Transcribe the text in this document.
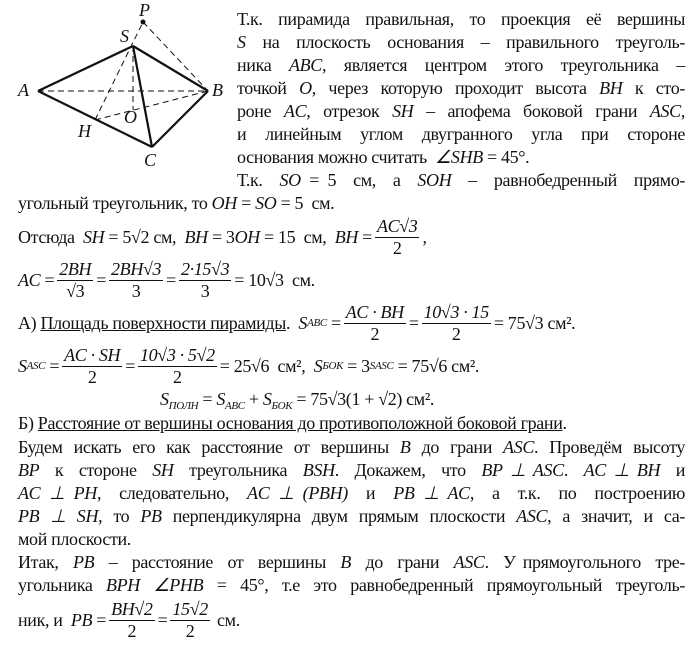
P
S
A	B
H
O
C
Т.к. пирамида правильная, то проекция её вершины
S на плоскость основания – правильного треуголь-
ника ABC, является центром этого треугольника –
точкой O, через которую проходит высота BH к сто-
роне AC, отрезок SH – апофема боковой грани ASC,
и линейным углом двугранного угла при стороне
основания можно считать  ∠SHB = 45°.
Т.к.  SO = 5  см,  а  SOH  –  равнобедренный  прямо-
угольный треугольник, то OH = SO = 5  см.
Отсюда SH = 5√2 см, BH = 3 OH = 15  см, BH = $\frac{AC√3}{2}$ ,
AC = $\frac{2BH}{√3} = \frac{2BH√3}{3} = \frac{2\cdot 15√3}{3} = 10√3$  см.
А) Площадь поверхности пирамиды . S ABC = $\frac{AC \cdot BH}{2} = \frac{10√3 \cdot 15}{2} = 75√3$ см².
S ASC = $\frac{AC \cdot SH}{2} = \frac{10√3 \cdot 5√2}{2} = 25√6$  см², S БОК = 3 SASC = 75√6 см².
$S_{ПОЛН} = S_{ABC} + S_{БОК} = 75√3(1 + √2)$ см².
Б) Расстояние от вершины основания до противоположной боковой грани.
Будем искать его как расстояние от вершины B до грани ASC. Проведём высоту
BP  к  стороне  SH  треугольника  BSH.  Докажем,  что  BP ⊥ ASC.  AC ⊥ BH  и
AC ⊥ PH,  следовательно,  AC ⊥ (PBH)  и  PB ⊥ AC,  а  т.к.  по  построению
PB ⊥ SH, то PB перпендикулярна двум прямым плоскости ASC, а значит, и са-
мой плоскости.
Итак,  PB  –  расстояние  от  вершины  B  до  грани  ASC.  У прямоугольного  тре-
угольника BPH ∠PHB = 45°, т.е это равнобедренный прямоугольный треуголь-
ник, и PB = $\frac{BH√2}{2} = \frac{15√2}{2}$ см.
